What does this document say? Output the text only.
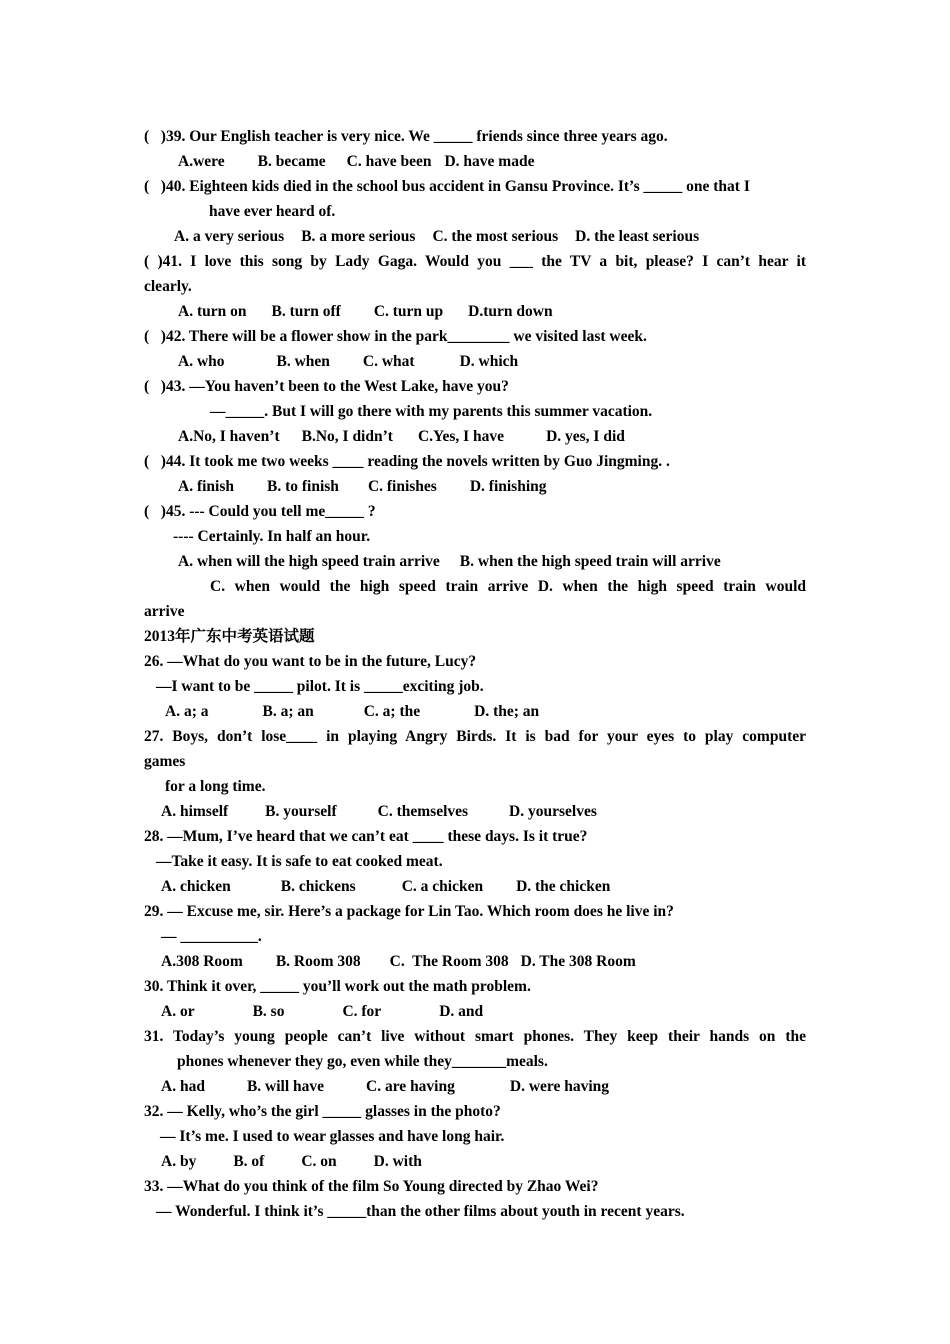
(   )39. Our English teacher is very nice. We _____ friends since three years ago.
A.were B. became C. have been D. have made
(   )40. Eighteen kids died in the school bus accident in Gansu Province. It’s _____ one that I
have ever heard of.
A. a very serious B. a more serious C. the most serious D. the least serious
( )41. I love this song by Lady Gaga. Would you ___ the TV a bit, please? I can’t hear it
clearly.
A. turn on B. turn off C. turn up D.turn down
(   )42. There will be a flower show in the park________ we visited last week.
A. who	B. when C. what	D. which
(   )43. —You haven’t been to the West Lake, have you?
—_____. But I will go there with my parents this summer vacation.
A.No, I haven’t B.No, I didn’t C.Yes, I have	D. yes, I did
(   )44. It took me two weeks ____ reading the novels written by Guo Jingming. .
A. finish B. to finish C. finishes D. finishing
(   )45. --- Could you tell me_____ ?
---- Certainly. In half an hour.
A. when will the high speed train arrive B. when the high speed train will arrive
C. when would the high speed train arrive D. when the high speed train would
arrive
2013年广东中考英语试题
26. —What do you want to be in the future, Lucy?
—I want to be _____ pilot. It is _____exciting job.
A. a; a	B. a; an	C. a; the	D. the; an
27. Boys, don’t lose____ in playing Angry Birds. It is bad for your eyes to play computer
games
for a long time.
A. himself B. yourself	C. themselves	D. yourselves
28. —Mum, I’ve heard that we can’t eat ____ these days. Is it true?
—Take it easy. It is safe to eat cooked meat.
A. chicken	B. chickens	C. a chicken D. the chicken
29. — Excuse me, sir. Here’s a package for Lin Tao. Which room does he live in?
— __________.
A.308 Room B. Room 308 C.  The Room 308 D. The 308 Room
30. Think it over, _____ you’ll work out the math problem.
A. or	B. so	C. for	D. and
31. Today’s young people can’t live without smart phones. They keep their hands on the
phones whenever they go, even while they_______meals.
A. had	B. will have	C. are having	D. were having
32. — Kelly, who’s the girl _____ glasses in the photo?
— It’s me. I used to wear glasses and have long hair.
A. by B. of C. on D. with
33. —What do you think of the film So Young directed by Zhao Wei?
— Wonderful. I think it’s _____than the other films about youth in recent years.
